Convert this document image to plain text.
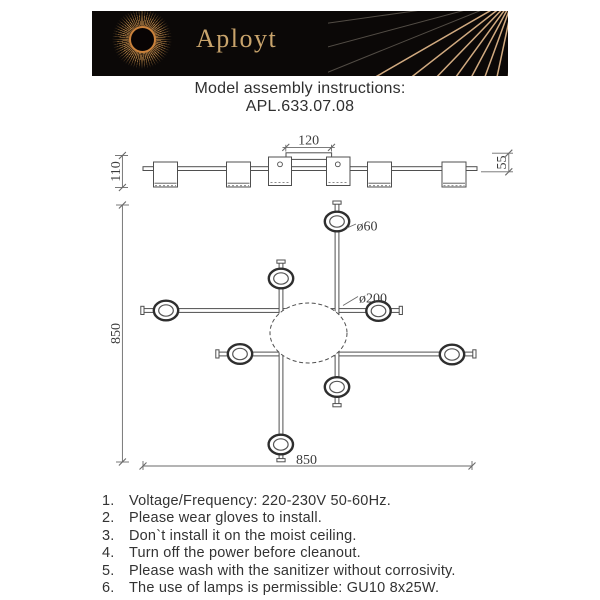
Aployt
Model assembly instructions:
APL.633.07.08
120
110	55
850
850
ø60
ø200
1.	Voltage/Frequency: 220-230V 50-60Hz.
2.	Please wear gloves to install.
3.	Don`t install it on the moist ceiling.
4.	Turn off the power before cleanout.
5.	Please wash with the sanitizer without corrosivity.
6.	The use of lamps is permissible: GU10 8x25W.
